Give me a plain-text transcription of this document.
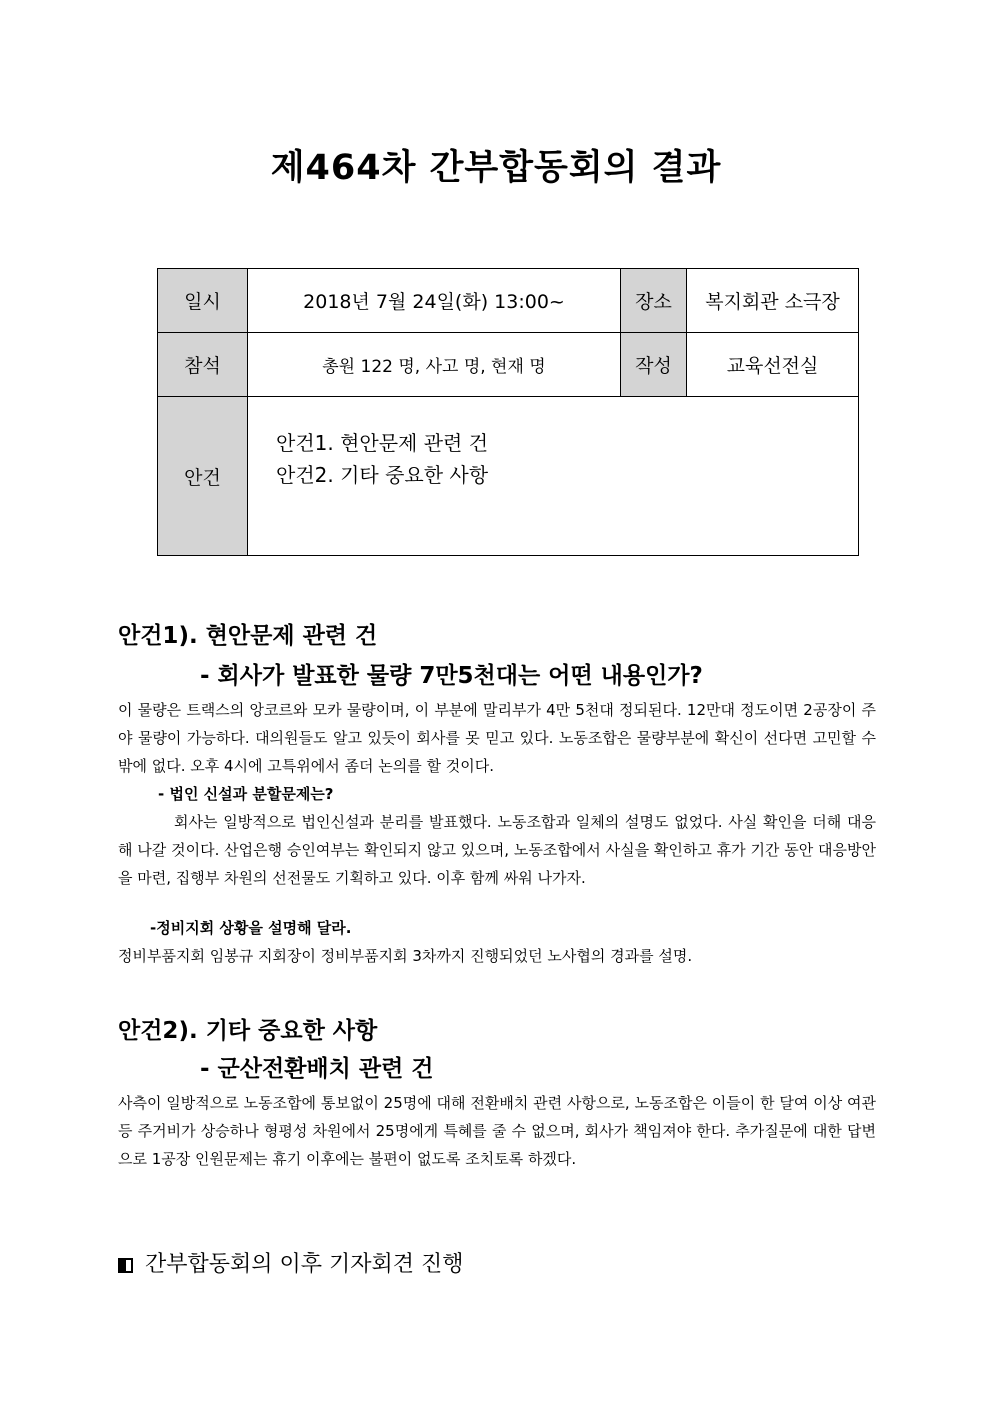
제464차 간부합동회의 결과
일시	2018년 7월 24일(화) 13:00~	장소	복지회관 소극장
참석	총원 122 명, 사고 명, 현재 명	작성	교육선전실
안건	안건1. 현안문제 관련 건
안건2. 기타 중요한 사항		
안건1). 현안문제 관련 건
- 회사가 발표한 물량 7만5천대는 어떤 내용인가?
이 물량은 트랙스의 앙코르와 모카 물량이며, 이 부분에 말리부가 4만 5천대 정되된다. 12만대 정도이면 2공장이 주야 물량이 가능하다. 대의원들도 알고 있듯이 회사를 못 믿고 있다. 노동조합은 물량부분에 확신이 선다면 고민할 수밖에 없다. 오후 4시에 고특위에서 좀더 논의를 할 것이다.
- 법인 신설과 분할문제는?
회사는 일방적으로 법인신설과 분리를 발표했다. 노동조합과 일체의 설명도 없었다. 사실 확인을 더해 대응해 나갈 것이다. 산업은행 승인여부는 확인되지 않고 있으며, 노동조합에서 사실을 확인하고 휴가 기간 동안 대응방안을 마련, 집행부 차원의 선전물도 기획하고 있다. 이후 함께 싸워 나가자.
-정비지회 상황을 설명해 달라.
정비부품지회 임봉규 지회장이 정비부품지회 3차까지 진행되었던 노사협의 경과를 설명.
안건2). 기타 중요한 사항
- 군산전환배치 관련 건
사측이 일방적으로 노동조합에 통보없이 25명에 대해 전환배치 관련 사항으로, 노동조합은 이들이 한 달여 이상 여관 등 주거비가 상승하나 형평성 차원에서 25명에게 특혜를 줄 수 없으며, 회사가 책임져야 한다. 추가질문에 대한 답변으로 1공장 인원문제는 휴기 이후에는 불편이 없도록 조치토록 하겠다.
간부합동회의 이후 기자회견 진행
